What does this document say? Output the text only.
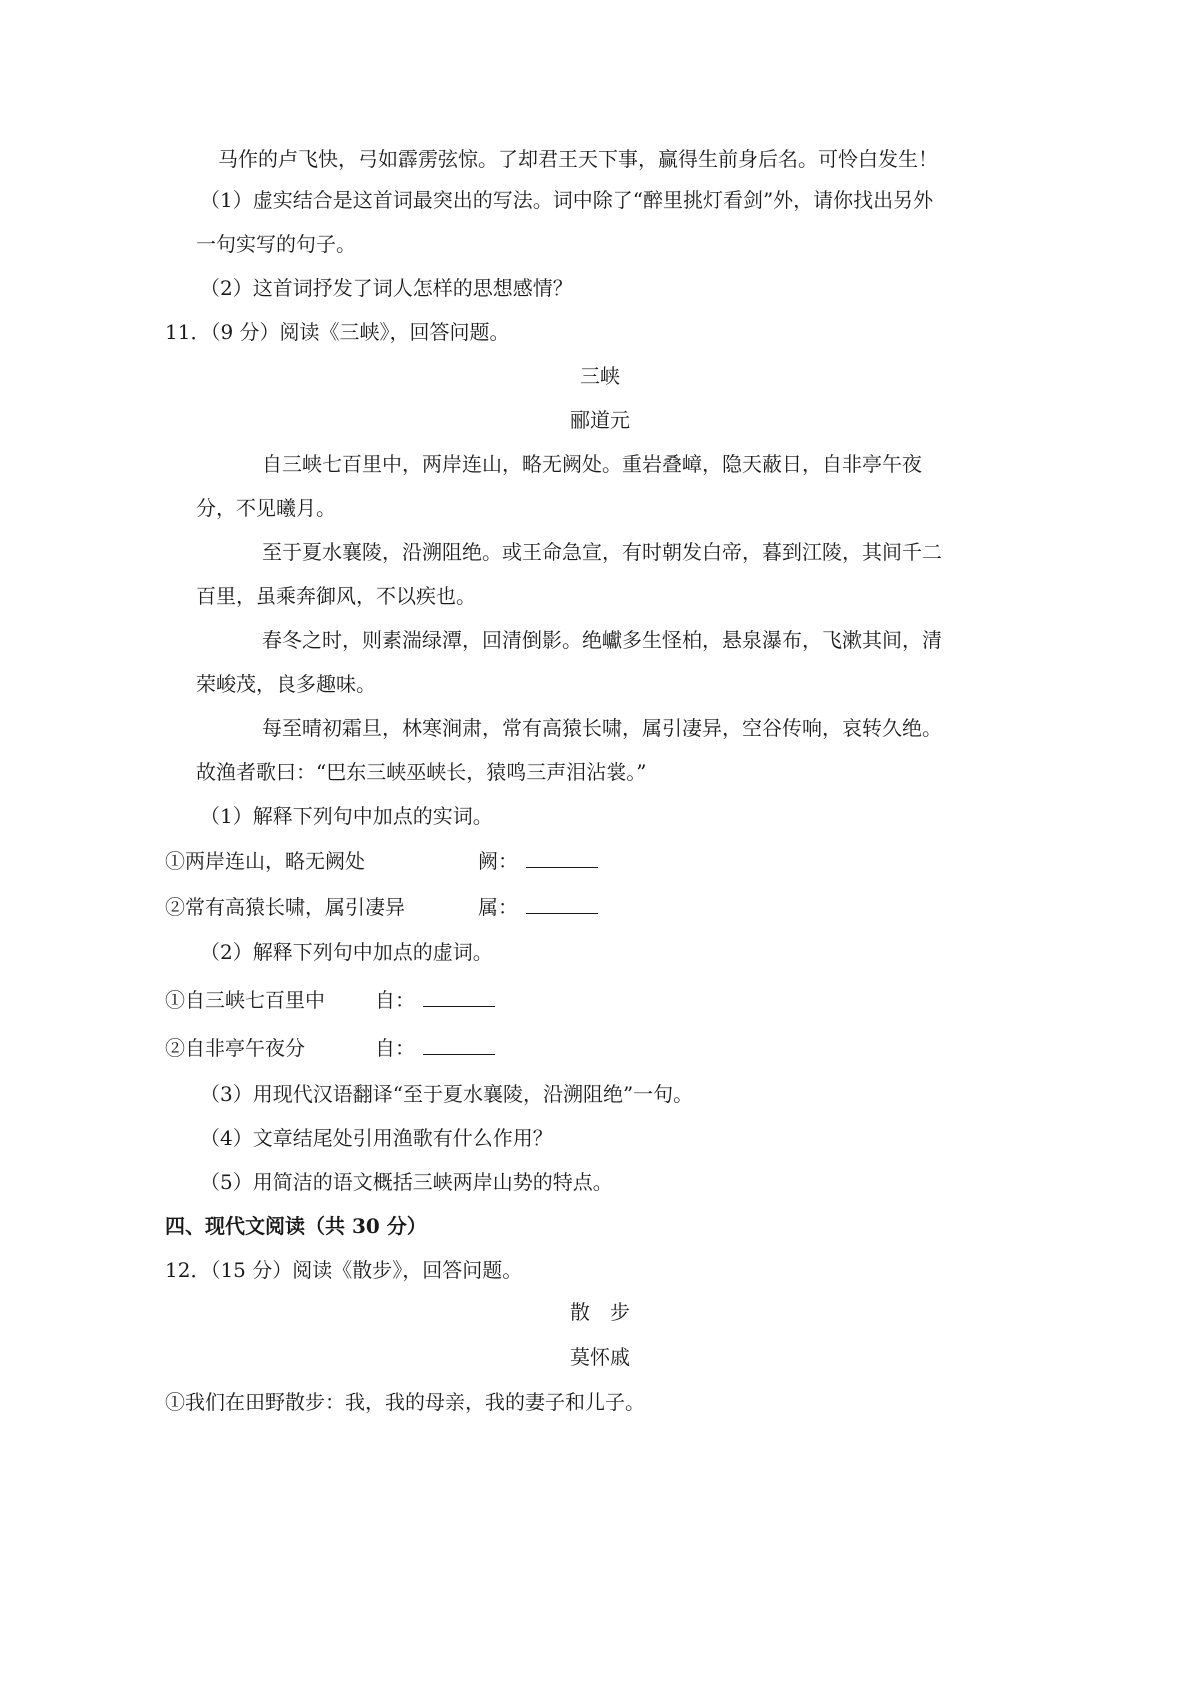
马作的卢飞快，弓如霹雳弦惊。了却君王天下事，赢得生前身后名。可怜白发生！
（1）虚实结合是这首词最突出的写法。词中除了“醉里挑灯看剑”外，请你找出另外
一句实写的句子。
（2）这首词抒发了词人怎样的思想感情？
11．（9 分）阅读《三峡》，回答问题。
三峡
郦道元
自三峡七百里中，两岸连山，略无阙处。重岩叠嶂，隐天蔽日，自非亭午夜
分，不见曦月。
至于夏水襄陵，沿溯阻绝。或王命急宣，有时朝发白帝，暮到江陵，其间千二
百里，虽乘奔御风，不以疾也。
春冬之时，则素湍绿潭，回清倒影。绝巘多生怪柏，悬泉瀑布，飞漱其间，清
荣峻茂，良多趣味。
每至晴初霜旦，林寒涧肃，常有高猿长啸，属引凄异，空谷传响，哀转久绝。
故渔者歌曰：“巴东三峡巫峡长，猿鸣三声泪沾裳。”
（1）解释下列句中加点的实词。
①两岸连山，略无阙处	阙：
②常有高猿长啸，属引凄异	属：
（2）解释下列句中加点的虚词。
①自三峡七百里中	自：
②自非亭午夜分	自：
（3）用现代汉语翻译“至于夏水襄陵，沿溯阻绝”一句。
（4）文章结尾处引用渔歌有什么作用？
（5）用简洁的语文概括三峡两岸山势的特点。
四、现代文阅读（共 30 分）
12．（15 分）阅读《散步》，回答问题。
散　步
莫怀戚
①我们在田野散步：我，我的母亲，我的妻子和儿子。
